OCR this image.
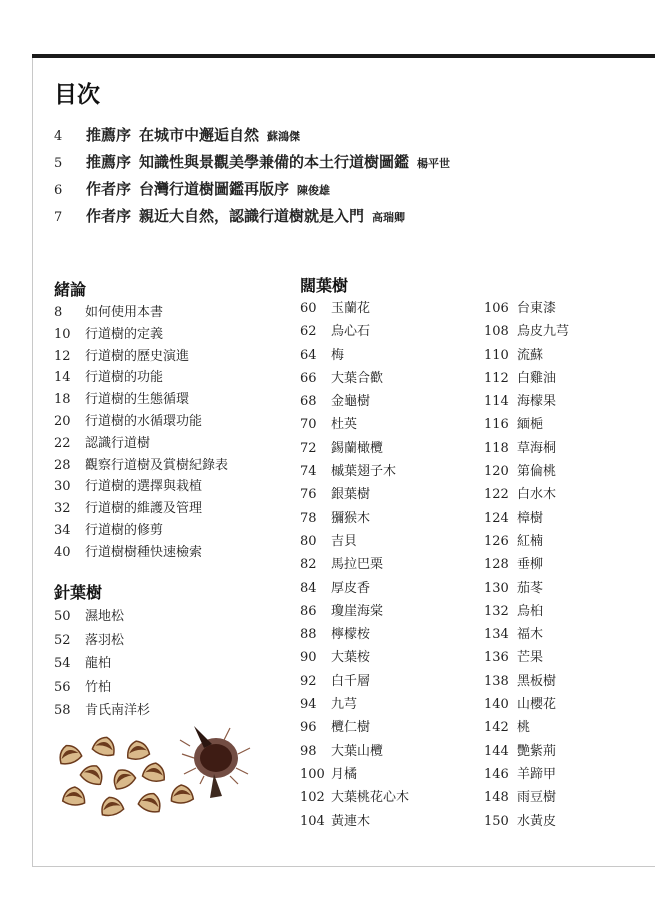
目次
4	推薦序 在城市中邂逅自然 蘇鴻傑
5	推薦序 知識性與景觀美學兼備的本土行道樹圖鑑 楊平世
6	作者序 台灣行道樹圖鑑再版序 陳俊雄
7	作者序 親近大自然，認識行道樹就是入門 高瑞卿
緒論
8	如何使用本書
10	行道樹的定義
12	行道樹的歷史演進
14	行道樹的功能
18	行道樹的生態循環
20	行道樹的水循環功能
22	認識行道樹
28	觀察行道樹及賞樹紀錄表
30	行道樹的選擇與栽植
32	行道樹的維護及管理
34	行道樹的修剪
40	行道樹樹種快速檢索
針葉樹
50	濕地松
52	落羽松
54	龍柏
56	竹柏
58	肯氏南洋杉
闊葉樹
60	玉蘭花
62	烏心石
64	梅
66	大葉合歡
68	金龜樹
70	杜英
72	錫蘭橄欖
74	槭葉翅子木
76	銀葉樹
78	獼猴木
80	吉貝
82	馬拉巴栗
84	厚皮香
86	瓊崖海棠
88	檸檬桉
90	大葉桉
92	白千層
94	九芎
96	欖仁樹
98	大葉山欖
100 月橘
102 大葉桃花心木
104 黃連木
106 台東漆
108 烏皮九芎
110 流蘇
112 白雞油
114 海檬果
116 緬梔
118 草海桐
120 第倫桃
122 白水木
124 樟樹
126 紅楠
128 垂柳
130 茄苳
132 烏桕
134 福木
136 芒果
138 黑板樹
140 山櫻花
142 桃
144 艷紫荊
146 羊蹄甲
148 雨豆樹
150 水黃皮
